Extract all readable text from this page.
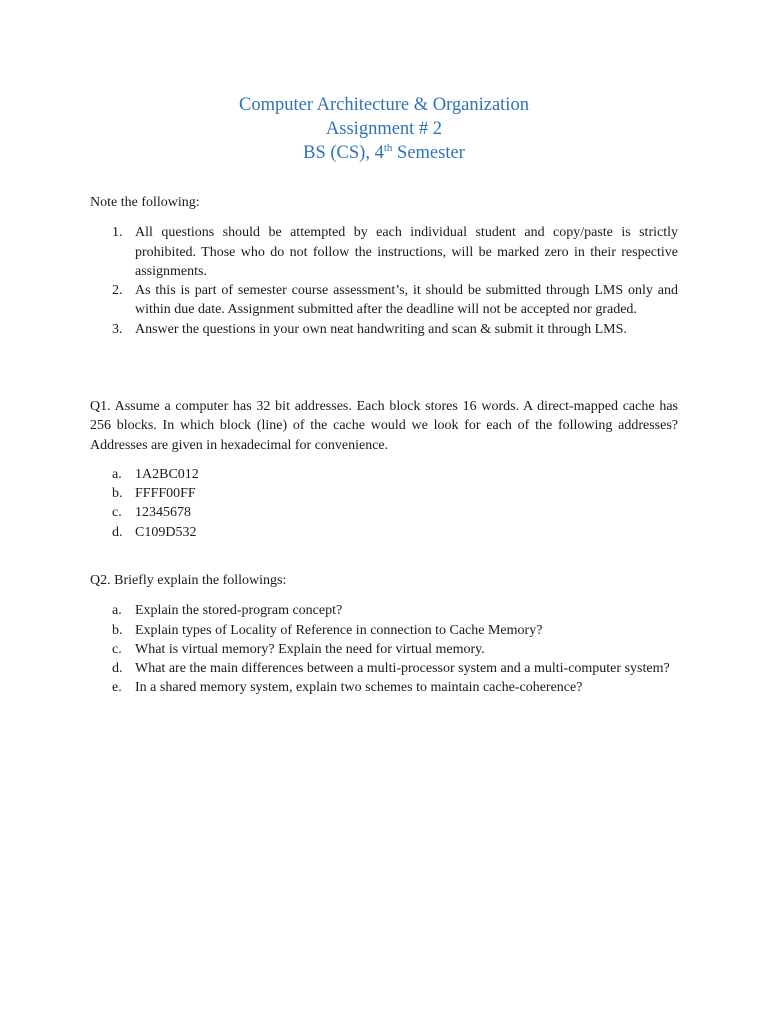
Computer Architecture & Organization
Assignment # 2
BS (CS), 4th Semester

Note the following:

1. All questions should be attempted by each individual student and copy/paste is strictly prohibited. Those who do not follow the instructions, will be marked zero in their respective assignments.
2. As this is part of semester course assessment’s, it should be submitted through LMS only and within due date. Assignment submitted after the deadline will not be accepted nor graded.
3. Answer the questions in your own neat handwriting and scan & submit it through LMS.

Q1. Assume a computer has 32 bit addresses. Each block stores 16 words. A direct-mapped cache has 256 blocks. In which block (line) of the cache would we look for each of the following addresses? Addresses are given in hexadecimal for convenience.

a. 1A2BC012
b. FFFF00FF
c. 12345678
d. C109D532

Q2. Briefly explain the followings:

a. Explain the stored-program concept?
b. Explain types of Locality of Reference in connection to Cache Memory?
c. What is virtual memory? Explain the need for virtual memory.
d. What are the main differences between a multi-processor system and a multi-computer system?
e. In a shared memory system, explain two schemes to maintain cache-coherence?
